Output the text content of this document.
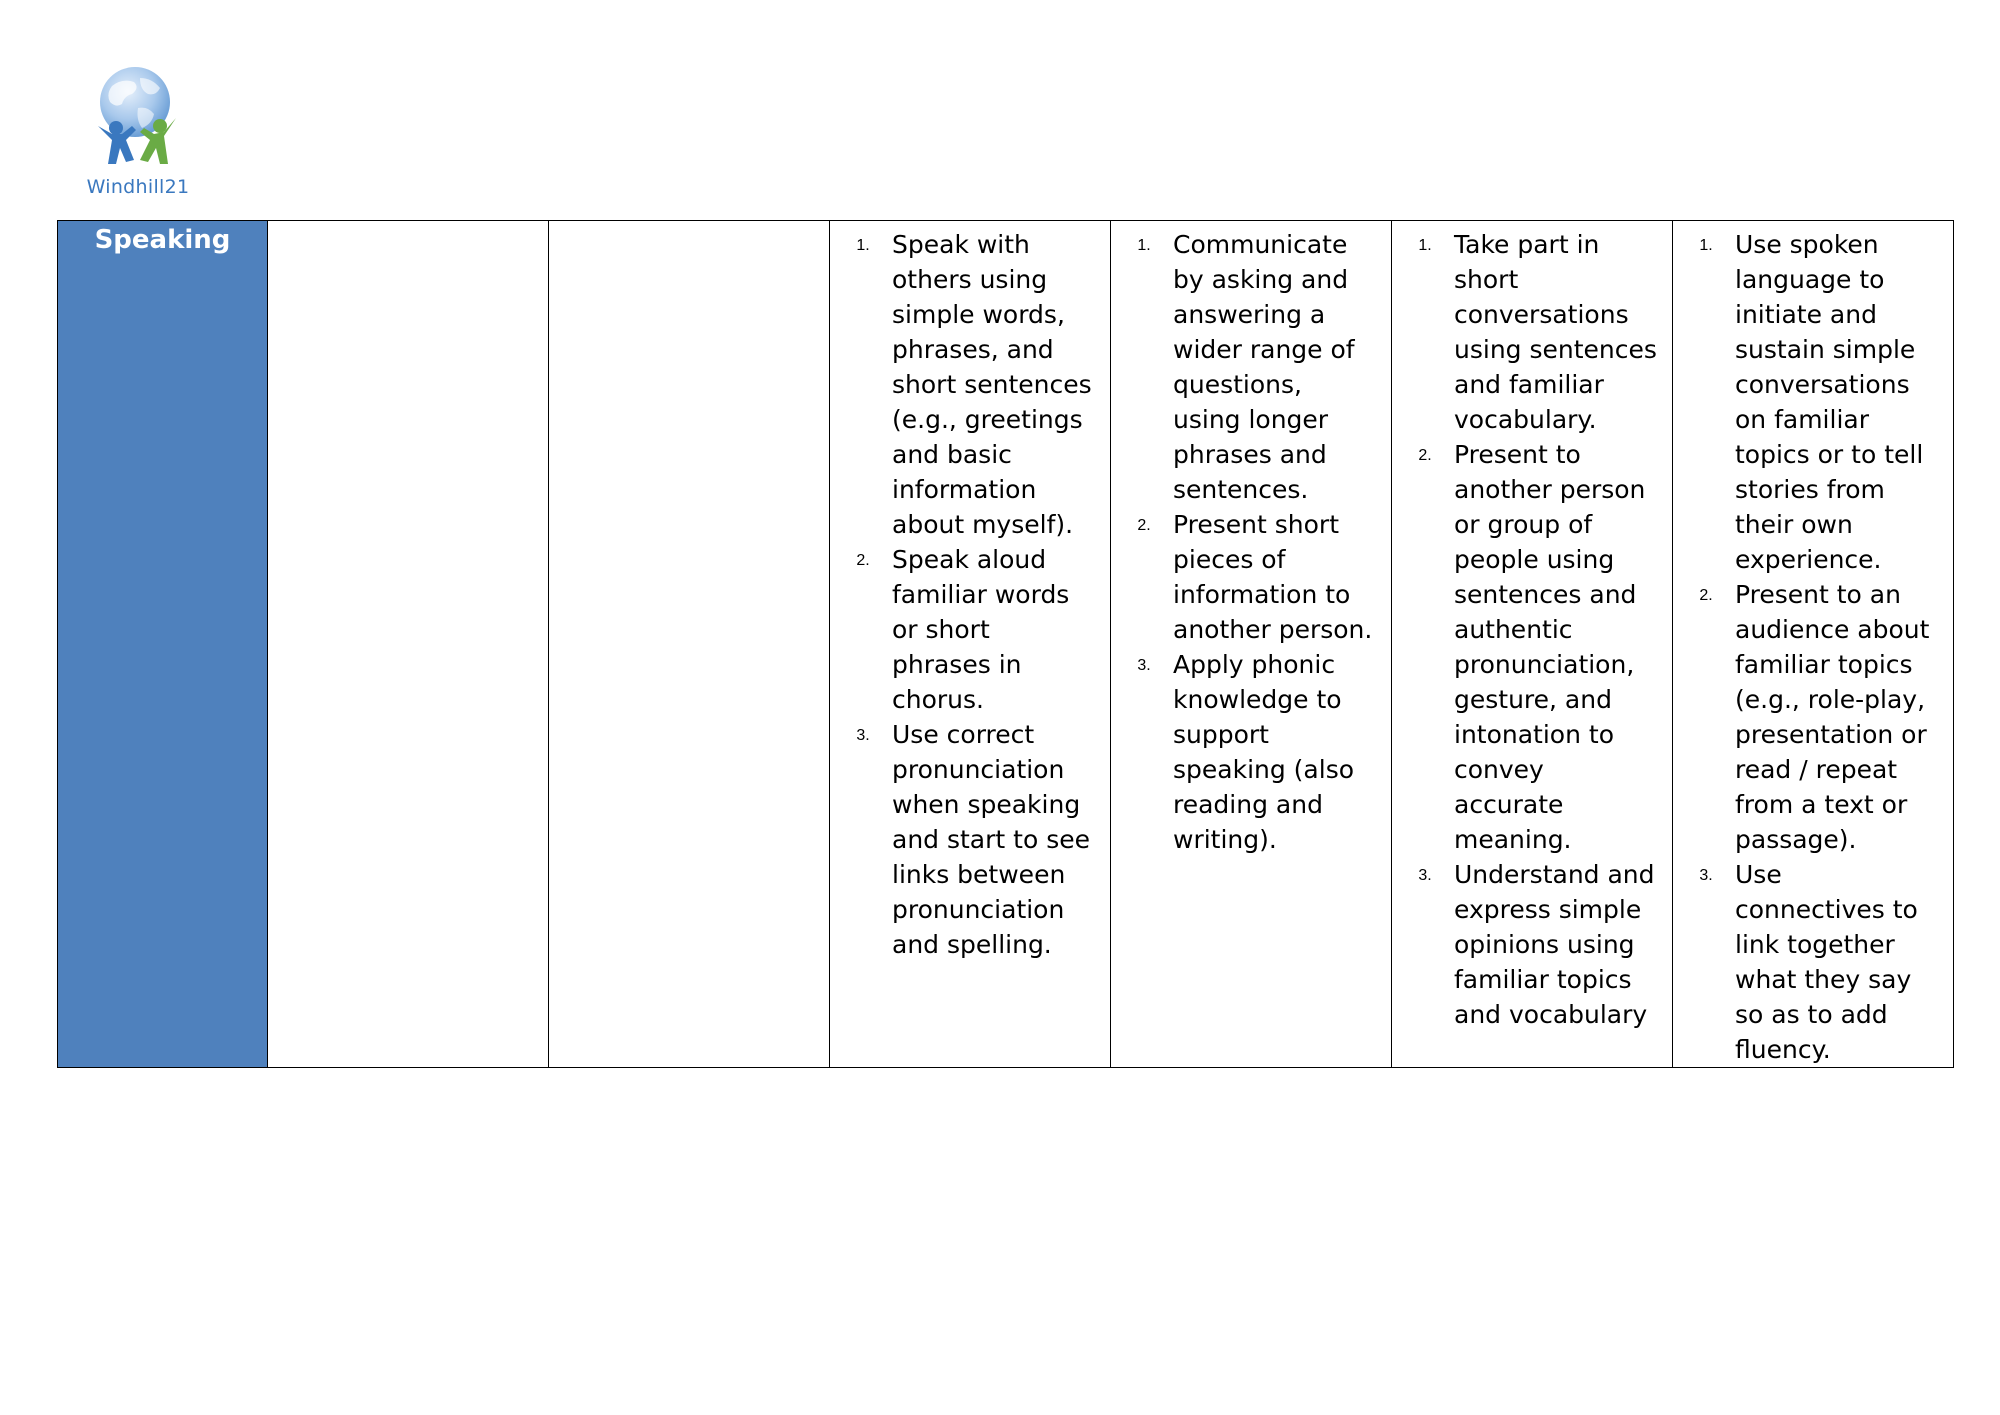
Windhill21
Speaking			1. Speak with others using simple words, phrases, and short sentences (e.g., greetings and basic information about myself).
2. Speak aloud familiar words or short phrases in chorus.
3. Use correct pronunciation when speaking and start to see links between pronunciation and spelling.

1. Communicate by asking and answering a wider range of questions, using longer phrases and sentences.
2. Present short pieces of information to another person.
3. Apply phonic knowledge to support speaking (also reading and writing).

1. Take part in short conversations using sentences and familiar vocabulary.
2. Present to another person or group of people using sentences and authentic pronunciation, gesture, and intonation to convey accurate meaning.
3. Understand and express simple opinions using familiar topics and vocabulary

1. Use spoken language to initiate and sustain simple conversations on familiar topics or to tell stories from their own experience.
2. Present to an audience about familiar topics (e.g., role-play, presentation or read / repeat from a text or passage).
3. Use connectives to link together what they say so as to add fluency.
